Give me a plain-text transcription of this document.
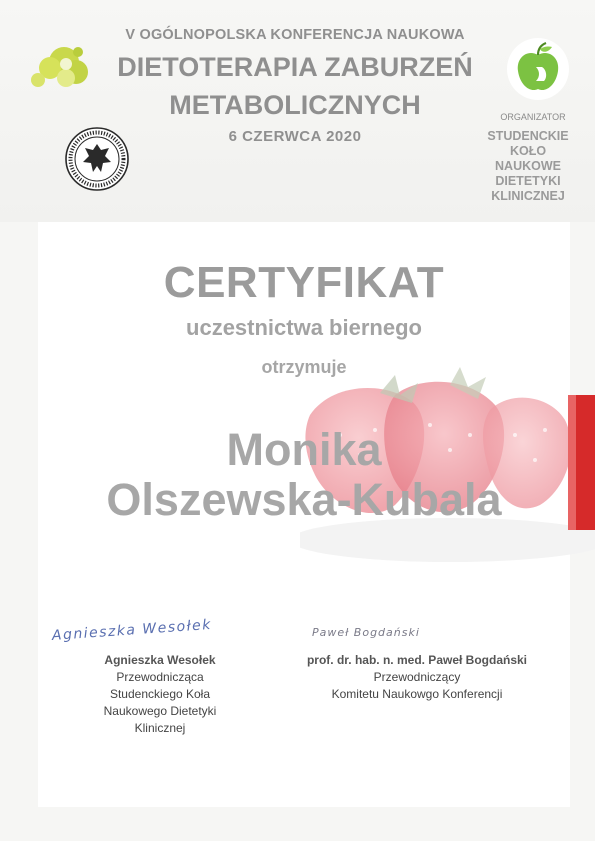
V OGÓLNOPOLSKA KONFERENCJA NAUKOWA

DIETOTERAPIA ZABURZEŃ

METABOLICZNYCH

6 CZERWCA 2020

ORGANIZATOR

STUDENCKIE KOŁO
NAUKOWE
DIETETYKI
KLINICZNEJ

CERTYFIKAT

uczestnictwa biernego

otrzymuje

Monika
Olszewska-Kubala

Agnieszka Wesołek	Paweł Bogdański

Agnieszka Wesołek
Przewodnicząca
Studenckiego Koła
Naukowego Dietetyki
Klinicznej
prof. dr. hab. n. med. Paweł Bogdański
Przewodniczący
Komitetu Naukowgo Konferencji
